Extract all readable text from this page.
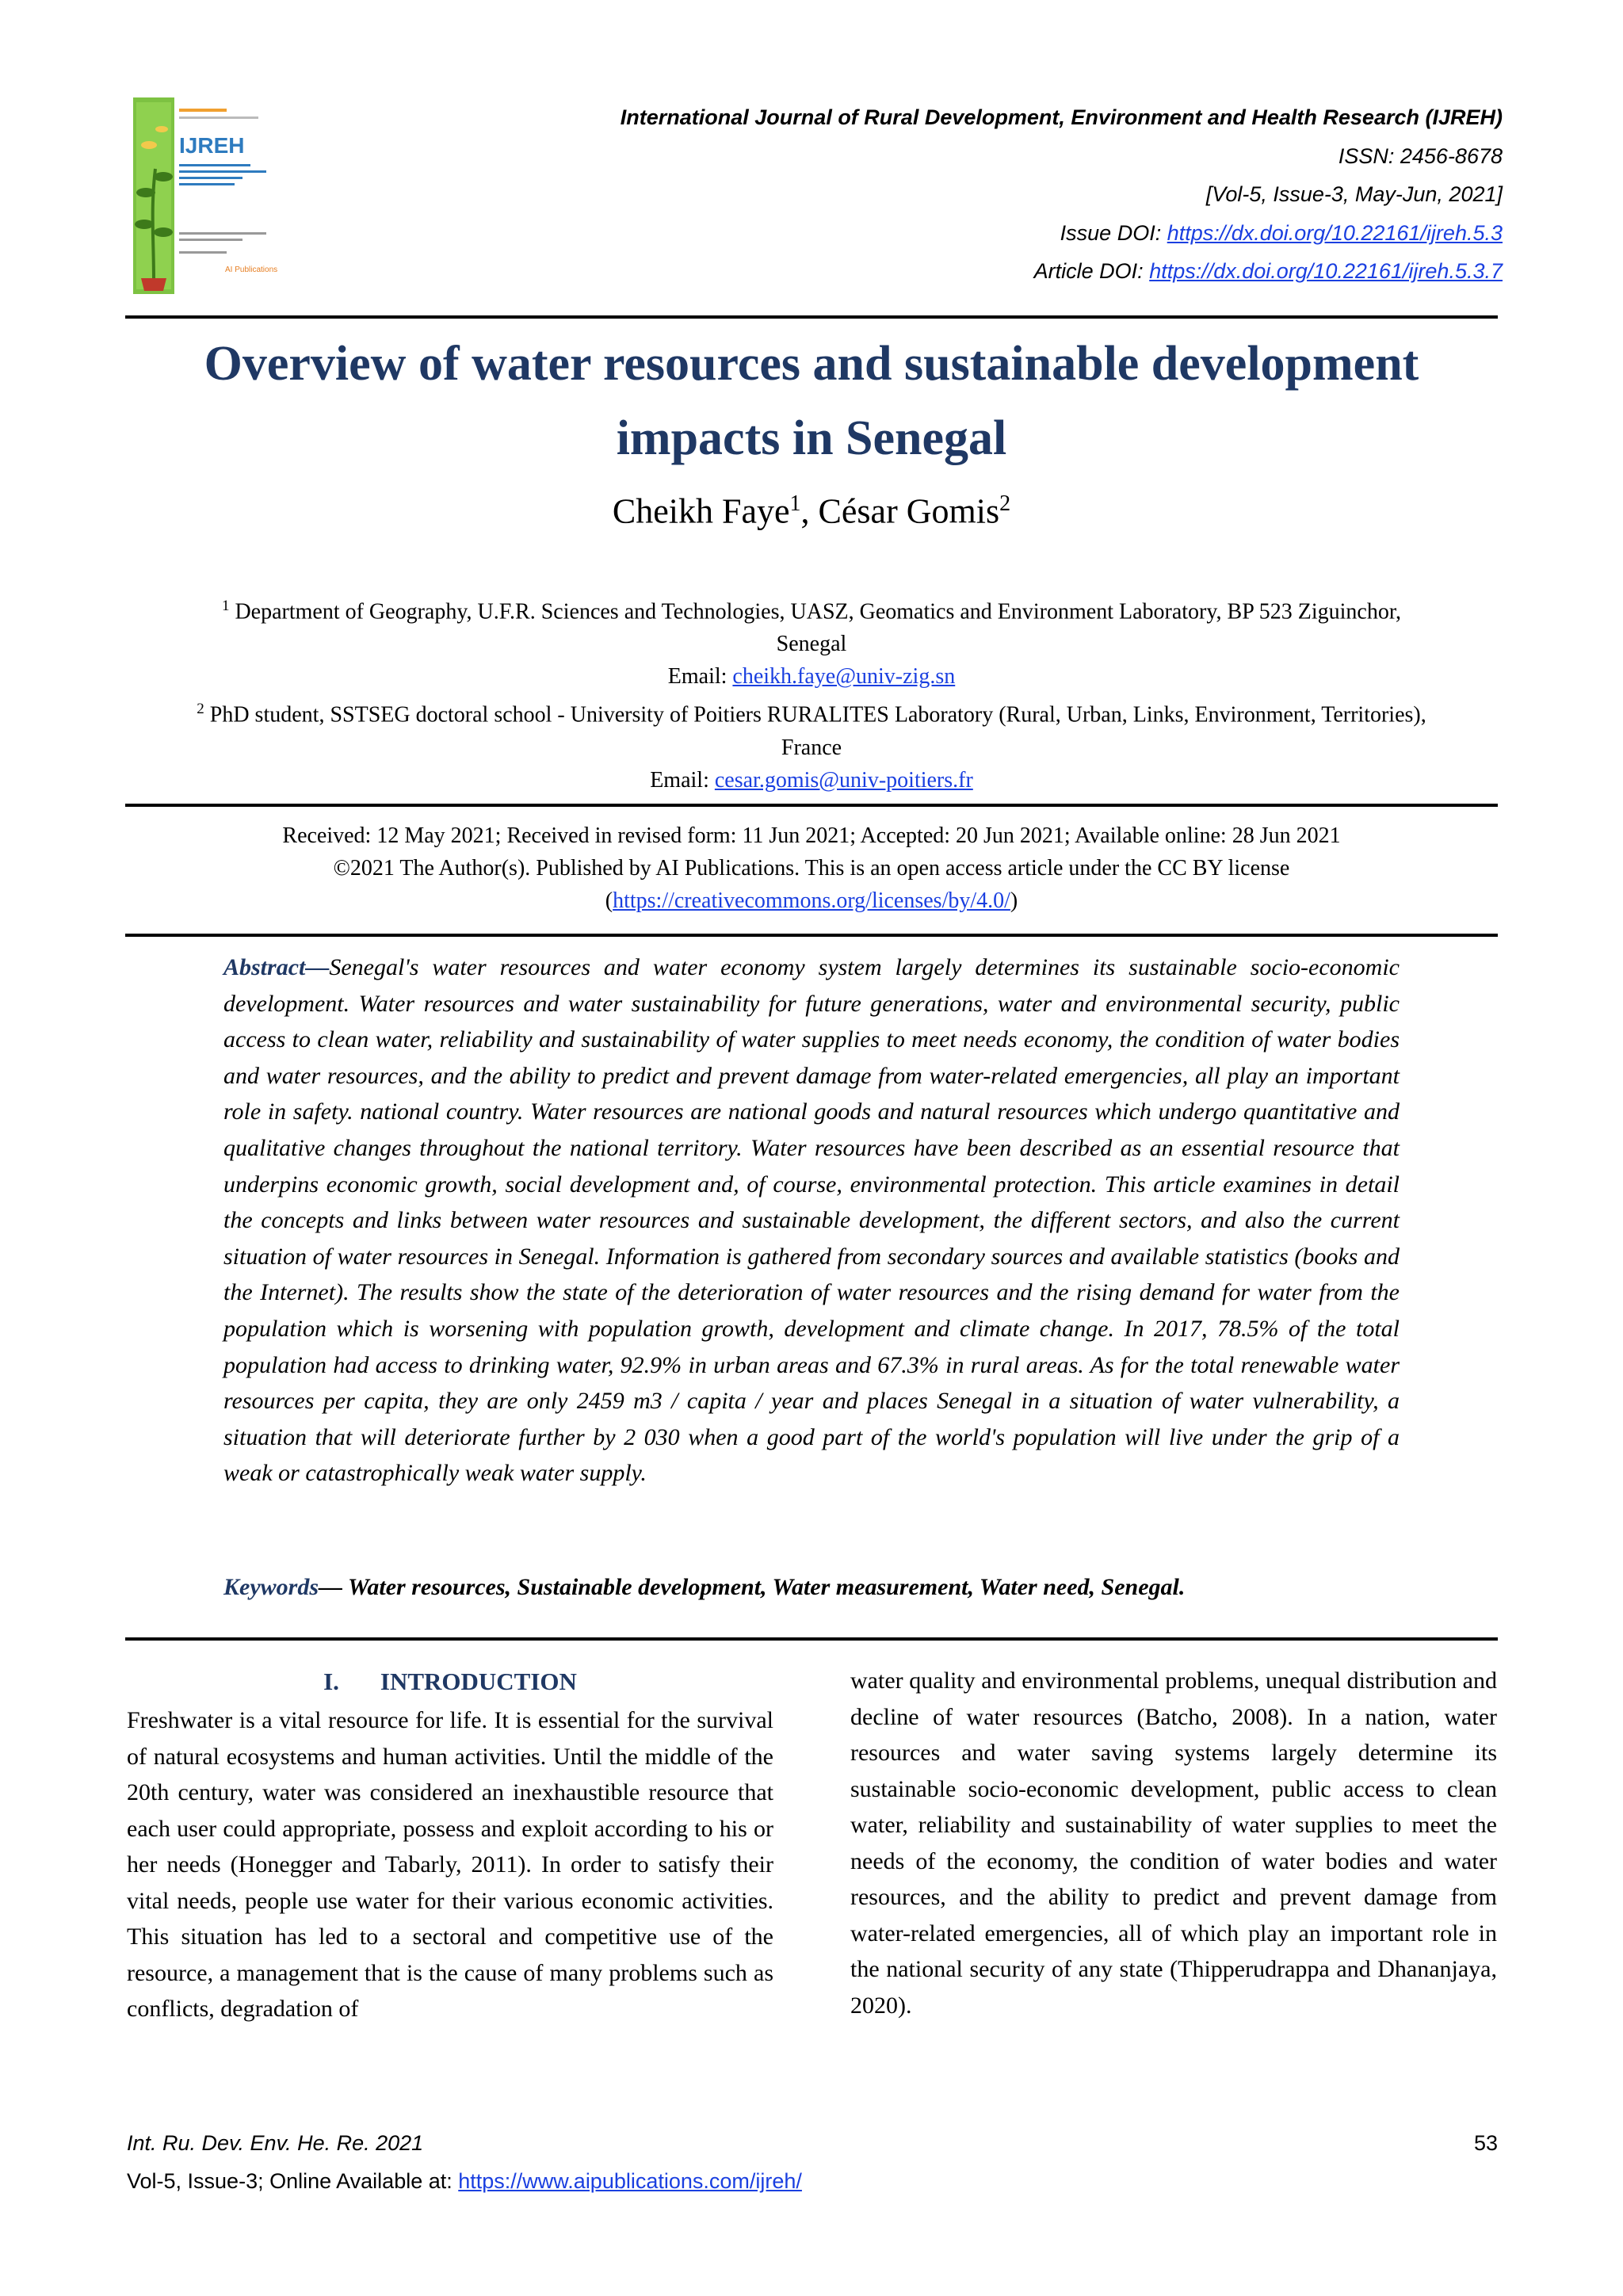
IJREH
AI Publications
International Journal of Rural Development, Environment and Health Research (IJREH)
ISSN: 2456-8678
[Vol-5, Issue-3, May-Jun, 2021]
Issue DOI: https://dx.doi.org/10.22161/ijreh.5.3
Article DOI: https://dx.doi.org/10.22161/ijreh.5.3.7
Overview of water resources and sustainable development
impacts in Senegal
Cheikh Faye$^1$, César Gomis$^2$
$^1$ Department of Geography, U.F.R. Sciences and Technologies, UASZ, Geomatics and Environment Laboratory, BP 523 Ziguinchor,
Senegal
Email: cheikh.faye@univ-zig.sn
$^2$ PhD student, SSTSEG doctoral school - University of Poitiers RURALITES Laboratory (Rural, Urban, Links, Environment, Territories),
France
Email: cesar.gomis@univ-poitiers.fr
Received: 12 May 2021; Received in revised form: 11 Jun 2021; Accepted: 20 Jun 2021; Available online: 28 Jun 2021
©2021 The Author(s). Published by AI Publications. This is an open access article under the CC BY license
(https://creativecommons.org/licenses/by/4.0/)
Abstract—Senegal's water resources and water economy system largely determines its sustainable socio-economic development. Water resources and water sustainability for future generations, water and environmental security, public access to clean water, reliability and sustainability of water supplies to meet needs economy, the condition of water bodies and water resources, and the ability to predict and prevent damage from water-related emergencies, all play an important role in safety. national country. Water resources are national goods and natural resources which undergo quantitative and qualitative changes throughout the national territory. Water resources have been described as an essential resource that underpins economic growth, social development and, of course, environmental protection. This article examines in detail the concepts and links between water resources and sustainable development, the different sectors, and also the current situation of water resources in Senegal. Information is gathered from secondary sources and available statistics (books and the Internet). The results show the state of the deterioration of water resources and the rising demand for water from the population which is worsening with population growth, development and climate change. In 2017, 78.5% of the total population had access to drinking water, 92.9% in urban areas and 67.3% in rural areas. As for the total renewable water resources per capita, they are only 2459 m3 / capita / year and places Senegal in a situation of water vulnerability, a situation that will deteriorate further by 2 030 when a good part of the world's population will live under the grip of a weak or catastrophically weak water supply.
Keywords— Water resources, Sustainable development, Water measurement, Water need, Senegal.
I. INTRODUCTION

Freshwater is a vital resource for life. It is essential for the survival of natural ecosystems and human activities. Until the middle of the 20th century, water was considered an inexhaustible resource that each user could appropriate, possess and exploit according to his or her needs (Honegger and Tabarly, 2011). In order to satisfy their vital needs, people use water for their various economic activities. This situation has led to a sectoral and competitive use of the resource, a management that is the cause of many problems such as conflicts, degradation of

water quality and environmental problems, unequal distribution and decline of water resources (Batcho, 2008). In a nation, water resources and water saving systems largely determine its sustainable socio-economic development, public access to clean water, reliability and sustainability of water supplies to meet the needs of the economy, the condition of water bodies and water resources, and the ability to predict and prevent damage from water-related emergencies, all of which play an important role in the national security of any state (Thipperudrappa and Dhananjaya, 2020).

Int. Ru. Dev. Env. He. Re. 2021	53
Vol-5, Issue-3; Online Available at: https://www.aipublications.com/ijreh/
